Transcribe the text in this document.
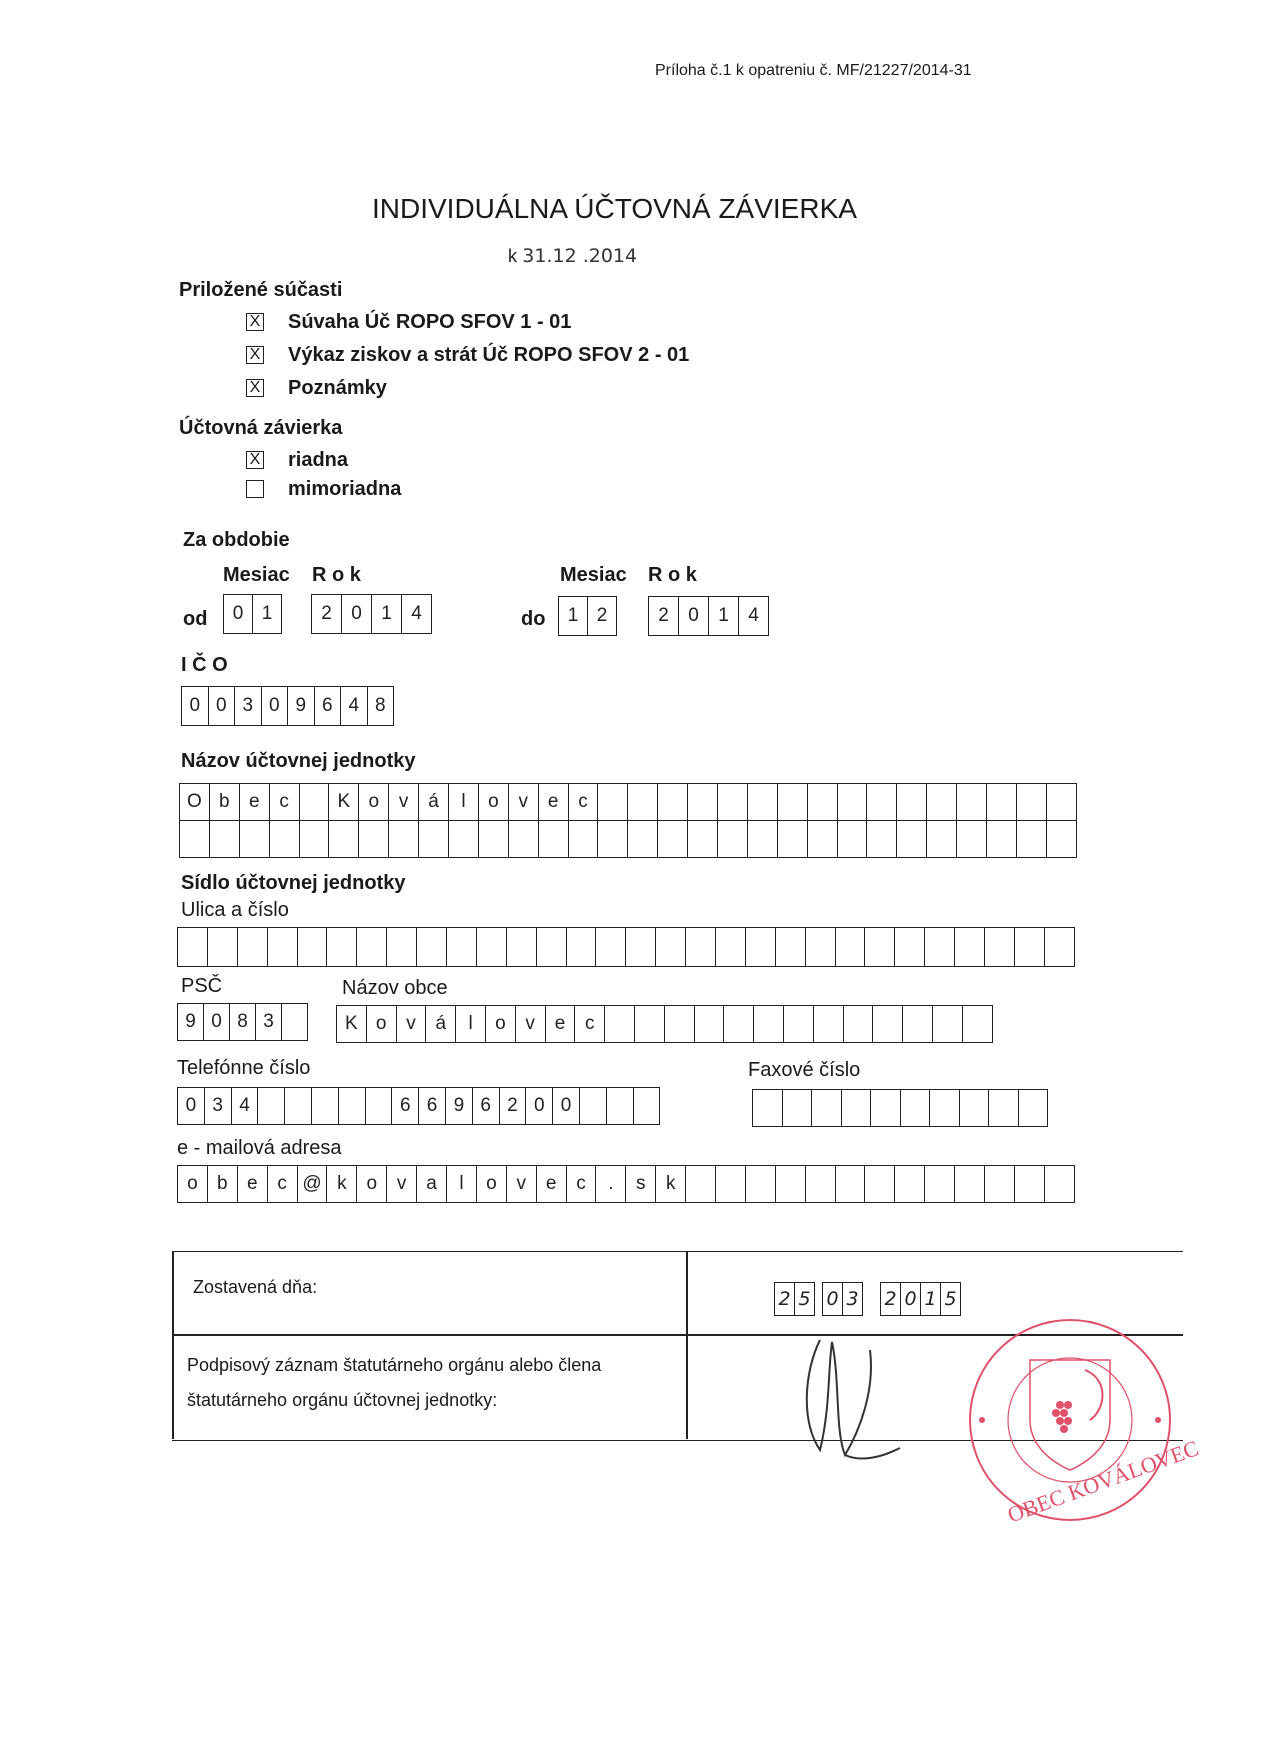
Príloha č.1 k opatreniu č. MF/21227/2014-31
INDIVIDUÁLNA ÚČTOVNÁ ZÁVIERKA
k 31.12 .2014
Priložené súčasti
X Súvaha Úč ROPO SFOV 1 - 01
X Výkaz ziskov a strát Úč ROPO SFOV 2 - 01
X Poznámky
Účtovná závierka
X riadna
mimoriadna
Za obdobie
Mesiac R o k	Mesiac R o k
od	0 1	2	0	1	4	do	1 2	2	0	1	4
I Č O
0 0 3 0 9 6 4 8
Názov účtovnej jednotky
O b	e	c	K o	v	á	l	o	v	e	c
Sídlo účtovnej jednotky
Ulica a číslo
PSČ
9 0 8 3
Názov obce
K o	v	á	l	o	v	e	c
Telefónne číslo
0 3 4	6 6 9 6 2 0 0
Faxové číslo
e - mailová adresa
o	b	e	c @ k	o	v	a	l	o	v	e	c	.	s	k
Zostavená dňa:
2 5 0 3 2 0 1 5
Podpisový záznam štatutárneho orgánu alebo člena
štatutárneho orgánu účtovnej jednotky:
OBEC KOVÁLOVEC
